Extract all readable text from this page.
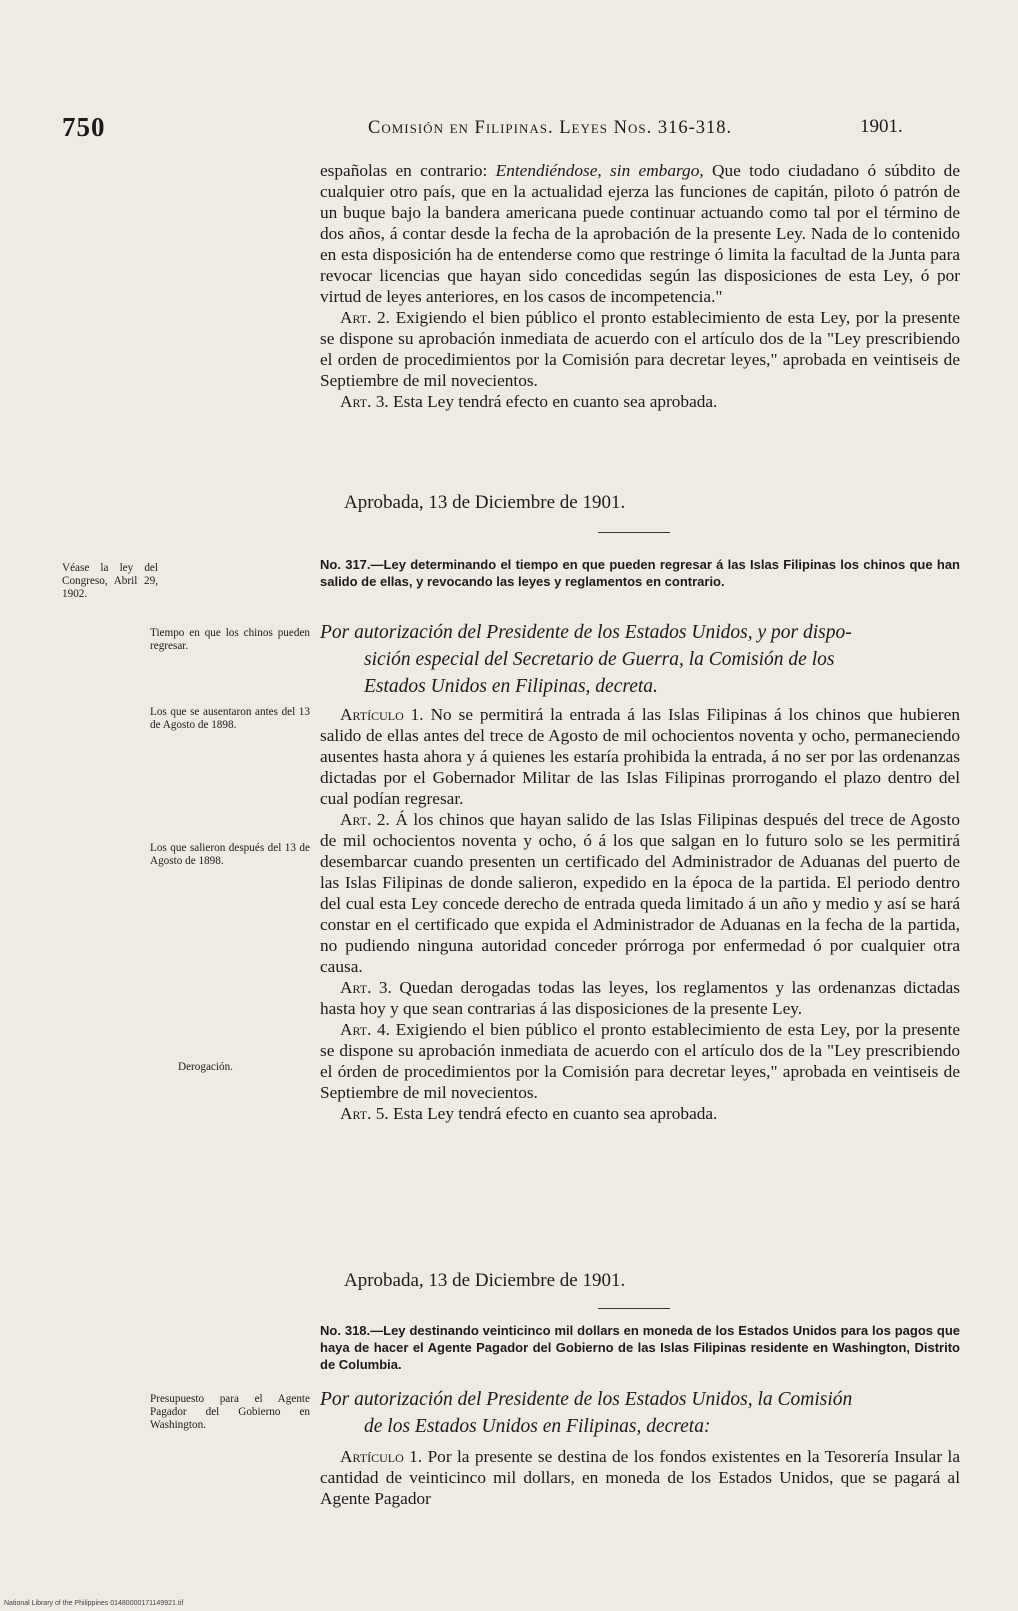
750	Comisión en Filipinas. Leyes Nos. 316-318.	1901.

españolas en contrario: Entendiéndose, sin embargo, Que todo ciudadano ó súbdito de cualquier otro país, que en la actualidad ejerza las funciones de capitán, piloto ó patrón de un buque bajo la bandera americana puede continuar actuando como tal por el término de dos años, á contar desde la fecha de la aprobación de la presente Ley. Nada de lo contenido en esta disposición ha de entenderse como que restringe ó limita la facultad de la Junta para revocar licencias que hayan sido concedidas según las disposiciones de esta Ley, ó por virtud de leyes anteriores, en los casos de incompetencia."

Art. 2. Exigiendo el bien público el pronto establecimiento de esta Ley, por la presente se dispone su aprobación inmediata de acuerdo con el artículo dos de la "Ley prescribiendo el orden de procedimientos por la Comisión para decretar leyes," aprobada en veintiseis de Septiembre de mil novecientos.

Art. 3. Esta Ley tendrá efecto en cuanto sea aprobada.

Aprobada, 13 de Diciembre de 1901.
No. 317.—Ley determinando el tiempo en que pueden regresar á las Islas Filipinas los chinos que han salido de ellas, y revocando las leyes y reglamentos en contrario.
Por autorización del Presidente de los Estados Unidos, y por dispo-
sición especial del Secretario de Guerra, la Comisión de los
Estados Unidos en Filipinas, decreta.

Artículo 1. No se permitirá la entrada á las Islas Filipinas á los chinos que hubieren salido de ellas antes del trece de Agosto de mil ochocientos noventa y ocho, permaneciendo ausentes hasta ahora y á quienes les estaría prohibida la entrada, á no ser por las ordenanzas dictadas por el Gobernador Militar de las Islas Filipinas prorrogando el plazo dentro del cual podían regresar.

Art. 2. Á los chinos que hayan salido de las Islas Filipinas después del trece de Agosto de mil ochocientos noventa y ocho, ó á los que salgan en lo futuro solo se les permitirá desembarcar cuando presenten un certificado del Administrador de Aduanas del puerto de las Islas Filipinas de donde salieron, expedido en la época de la partida. El periodo dentro del cual esta Ley concede derecho de entrada queda limitado á un año y medio y así se hará constar en el certificado que expida el Administrador de Aduanas en la fecha de la partida, no pudiendo ninguna autoridad conceder prórroga por enfermedad ó por cualquier otra causa.

Art. 3. Quedan derogadas todas las leyes, los reglamentos y las ordenanzas dictadas hasta hoy y que sean contrarias á las disposiciones de la presente Ley.

Art. 4. Exigiendo el bien público el pronto establecimiento de esta Ley, por la presente se dispone su aprobación inmediata de acuerdo con el artículo dos de la "Ley prescribiendo el órden de procedimientos por la Comisión para decretar leyes," aprobada en veintiseis de Septiembre de mil novecientos.

Art. 5. Esta Ley tendrá efecto en cuanto sea aprobada.

Aprobada, 13 de Diciembre de 1901.
No. 318.—Ley destinando veinticinco mil dollars en moneda de los Estados Unidos para los pagos que haya de hacer el Agente Pagador del Gobierno de las Islas Filipinas residente en Washington, Distrito de Columbia.
Por autorización del Presidente de los Estados Unidos, la Comisión
de los Estados Unidos en Filipinas, decreta:

Artículo 1. Por la presente se destina de los fondos existentes en la Tesorería Insular la cantidad de veinticinco mil dollars, en moneda de los Estados Unidos, que se pagará al Agente Pagador

Véase la ley del Congreso, Abril 29, 1902.
Tiempo en que los chinos pueden regresar.
Los que se ausentaron antes del 13 de Agosto de 1898.
Los que salieron después del 13 de Agosto de 1898.
Derogación.
Presupuesto para el Agente Pagador del Gobierno en Washington.
National Library of the Philippines 01480000171149921.tif
